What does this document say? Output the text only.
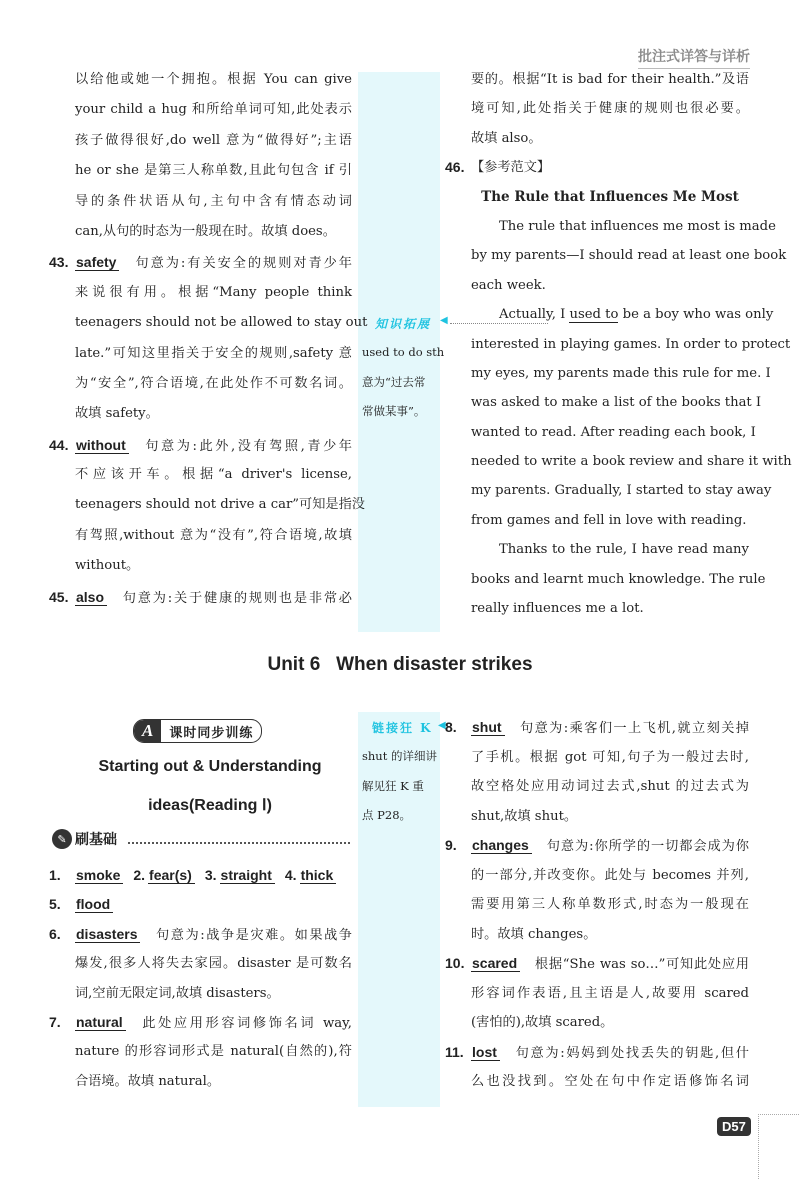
批注式详答与详析
以给他或她一个拥抱。根据 You can give
your child a hug 和所给单词可知,此处表示
孩子做得很好,do well 意为“做得好”;主语
he or she 是第三人称单数,且此句包含 if 引
导的条件状语从句,主句中含有情态动词
can,从句的时态为一般现在时。故填 does。
43. safety 句意为:有关安全的规则对青少年
来说很有用。根据“Many people think
teenagers should not be allowed to stay out
late.”可知这里指关于安全的规则,safety 意
为“安全”,符合语境,在此处作不可数名词。
故填 safety。
44. without 句意为:此外,没有驾照,青少年
不应该开车。根据“a driver's license,
teenagers should not drive a car”可知是指没
有驾照,without 意为“没有”,符合语境,故填
without。
45. also 句意为:关于健康的规则也是非常必
要的。根据“It is bad for their health.”及语
境可知,此处指关于健康的规则也很必要。
故填 also。
46. 【参考范文】
The Rule that Influences Me Most
The rule that influences me most is made
by my parents—I should read at least one book
each week.
Actually, I used to be a boy who was only
interested in playing games. In order to protect
my eyes, my parents made this rule for me. I
was asked to make a list of the books that I
wanted to read. After reading each book, I
needed to write a book review and share it with
my parents. Gradually, I started to stay away
from games and fell in love with reading.
Thanks to the rule, I have read many
books and learnt much knowledge. The rule
really influences me a lot.
知识拓展 ◀
used to do sth
意为“过去常
常做某事”。
Unit 6   When disaster strikes
A	课时同步训练
Starting out & Understanding
ideas(Reading Ⅰ)
✎ 刷基础
1. smoke 2. fear(s) 3. straight 4. thick
5. flood
6. disasters 句意为:战争是灾难。如果战争
爆发,很多人将失去家园。disaster 是可数名
词,空前无限定词,故填 disasters。
7. natural 此处应用形容词修饰名词 way,
nature 的形容词形式是 natural(自然的),符
合语境。故填 natural。
链接狂 K ◀
shut 的详细讲
解见狂 K 重
点 P28。
8. shut 句意为:乘客们一上飞机,就立刻关掉
了手机。根据 got 可知,句子为一般过去时,
故空格处应用动词过去式,shut 的过去式为
shut,故填 shut。
9. changes 句意为:你所学的一切都会成为你
的一部分,并改变你。此处与 becomes 并列,
需要用第三人称单数形式,时态为一般现在
时。故填 changes。
10. scared 根据“She was so…”可知此处应用
形容词作表语,且主语是人,故要用 scared
(害怕的),故填 scared。
11. lost 句意为:妈妈到处找丢失的钥匙,但什
么也没找到。空处在句中作定语修饰名词
D57
